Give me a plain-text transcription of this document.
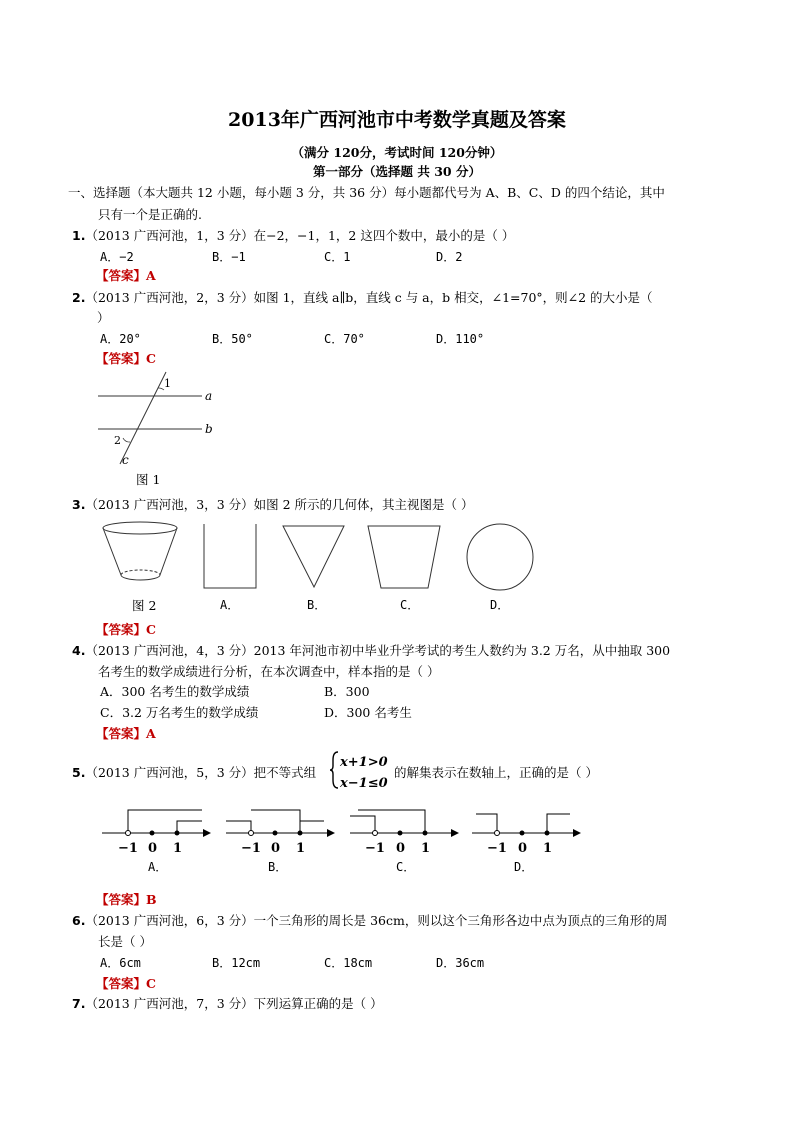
2013年广西河池市中考数学真题及答案
（满分 120分，考试时间 120分钟）
第一部分（选择题 共 30 分）
一、选择题（本大题共 12 小题，每小题 3 分，共 36 分）每小题都代号为 A、B、C、D 的四个结论，其中
只有一个是正确的.
1.（2013 广西河池，1，3 分）在−2，−1，1，2 这四个数中，最小的是（ ）
A．−2	B．−1	C．1	D．2
【答案】A
2.（2013 广西河池，2，3 分）如图 1，直线 a∥b，直线 c 与 a，b 相交，∠1=70°，则∠2 的大小是（
）
A．20°	B．50°	C．70°	D．110°
【答案】C
a
b
c
1
2
图 1
3.（2013 广西河池，3，3 分）如图 2 所示的几何体，其主视图是（ ）
图 2	A．	B．	C．	D．
【答案】C
4.（2013 广西河池，4，3 分）2013 年河池市初中毕业升学考试的考生人数约为 3.2 万名，从中抽取 300
名考生的数学成绩进行分析，在本次调查中，样本指的是（ ）
A．300 名考生的数学成绩	B．300
C．3.2 万名考生的数学成绩	D．300 名考生
【答案】A
5.（2013 广西河池，5，3 分）把不等式组
x+1>0
x−1≤0
的解集表示在数轴上，正确的是（ ）
−1 0 1	−1 0 1	−1 0 1	−1 0 1
A．	B．	C．	D．
【答案】B
6.（2013 广西河池，6，3 分）一个三角形的周长是 36cm，则以这个三角形各边中点为顶点的三角形的周
长是（ ）
A．6cm	B．12cm	C．18cm	D．36cm
【答案】C
7.（2013 广西河池，7，3 分）下列运算正确的是（ ）
